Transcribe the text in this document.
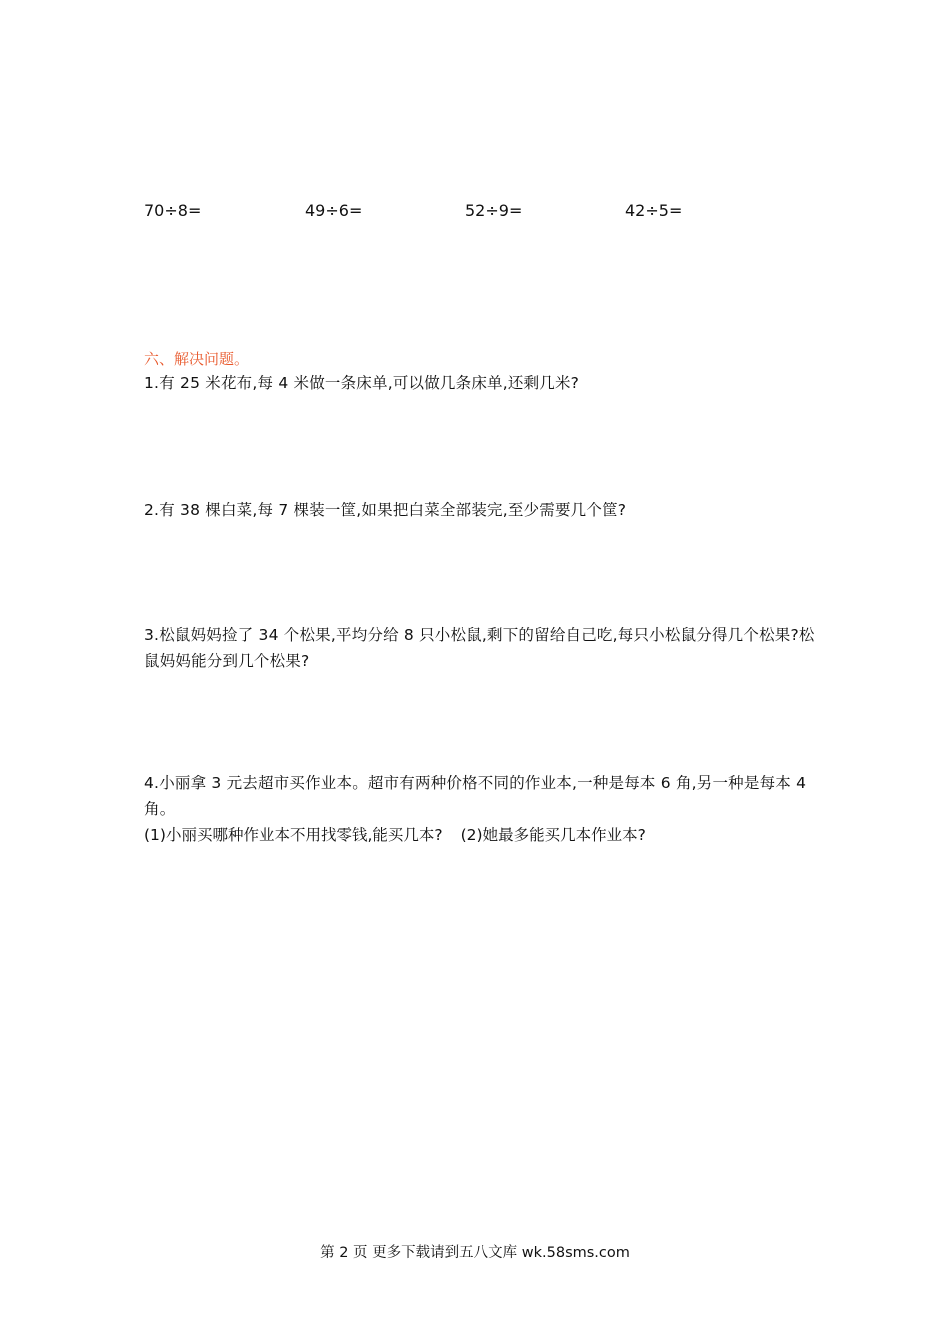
70÷8=	49÷6=	52÷9=	42÷5=
六、解决问题。
1.有 25 米花布,每 4 米做一条床单,可以做几条床单,还剩几米?
2.有 38 棵白菜,每 7 棵装一筐,如果把白菜全部装完,至少需要几个筐?
3.松鼠妈妈捡了 34 个松果,平均分给 8 只小松鼠,剩下的留给自己吃,每只小松鼠分得几个松果?松鼠妈妈能分到几个松果?
4.小丽拿 3 元去超市买作业本。超市有两种价格不同的作业本,一种是每本 6 角,另一种是每本 4 角。
(1)小丽买哪种作业本不用找零钱,能买几本? (2)她最多能买几本作业本?
第 2 页 更多下载请到五八文库 wk.58sms.com
